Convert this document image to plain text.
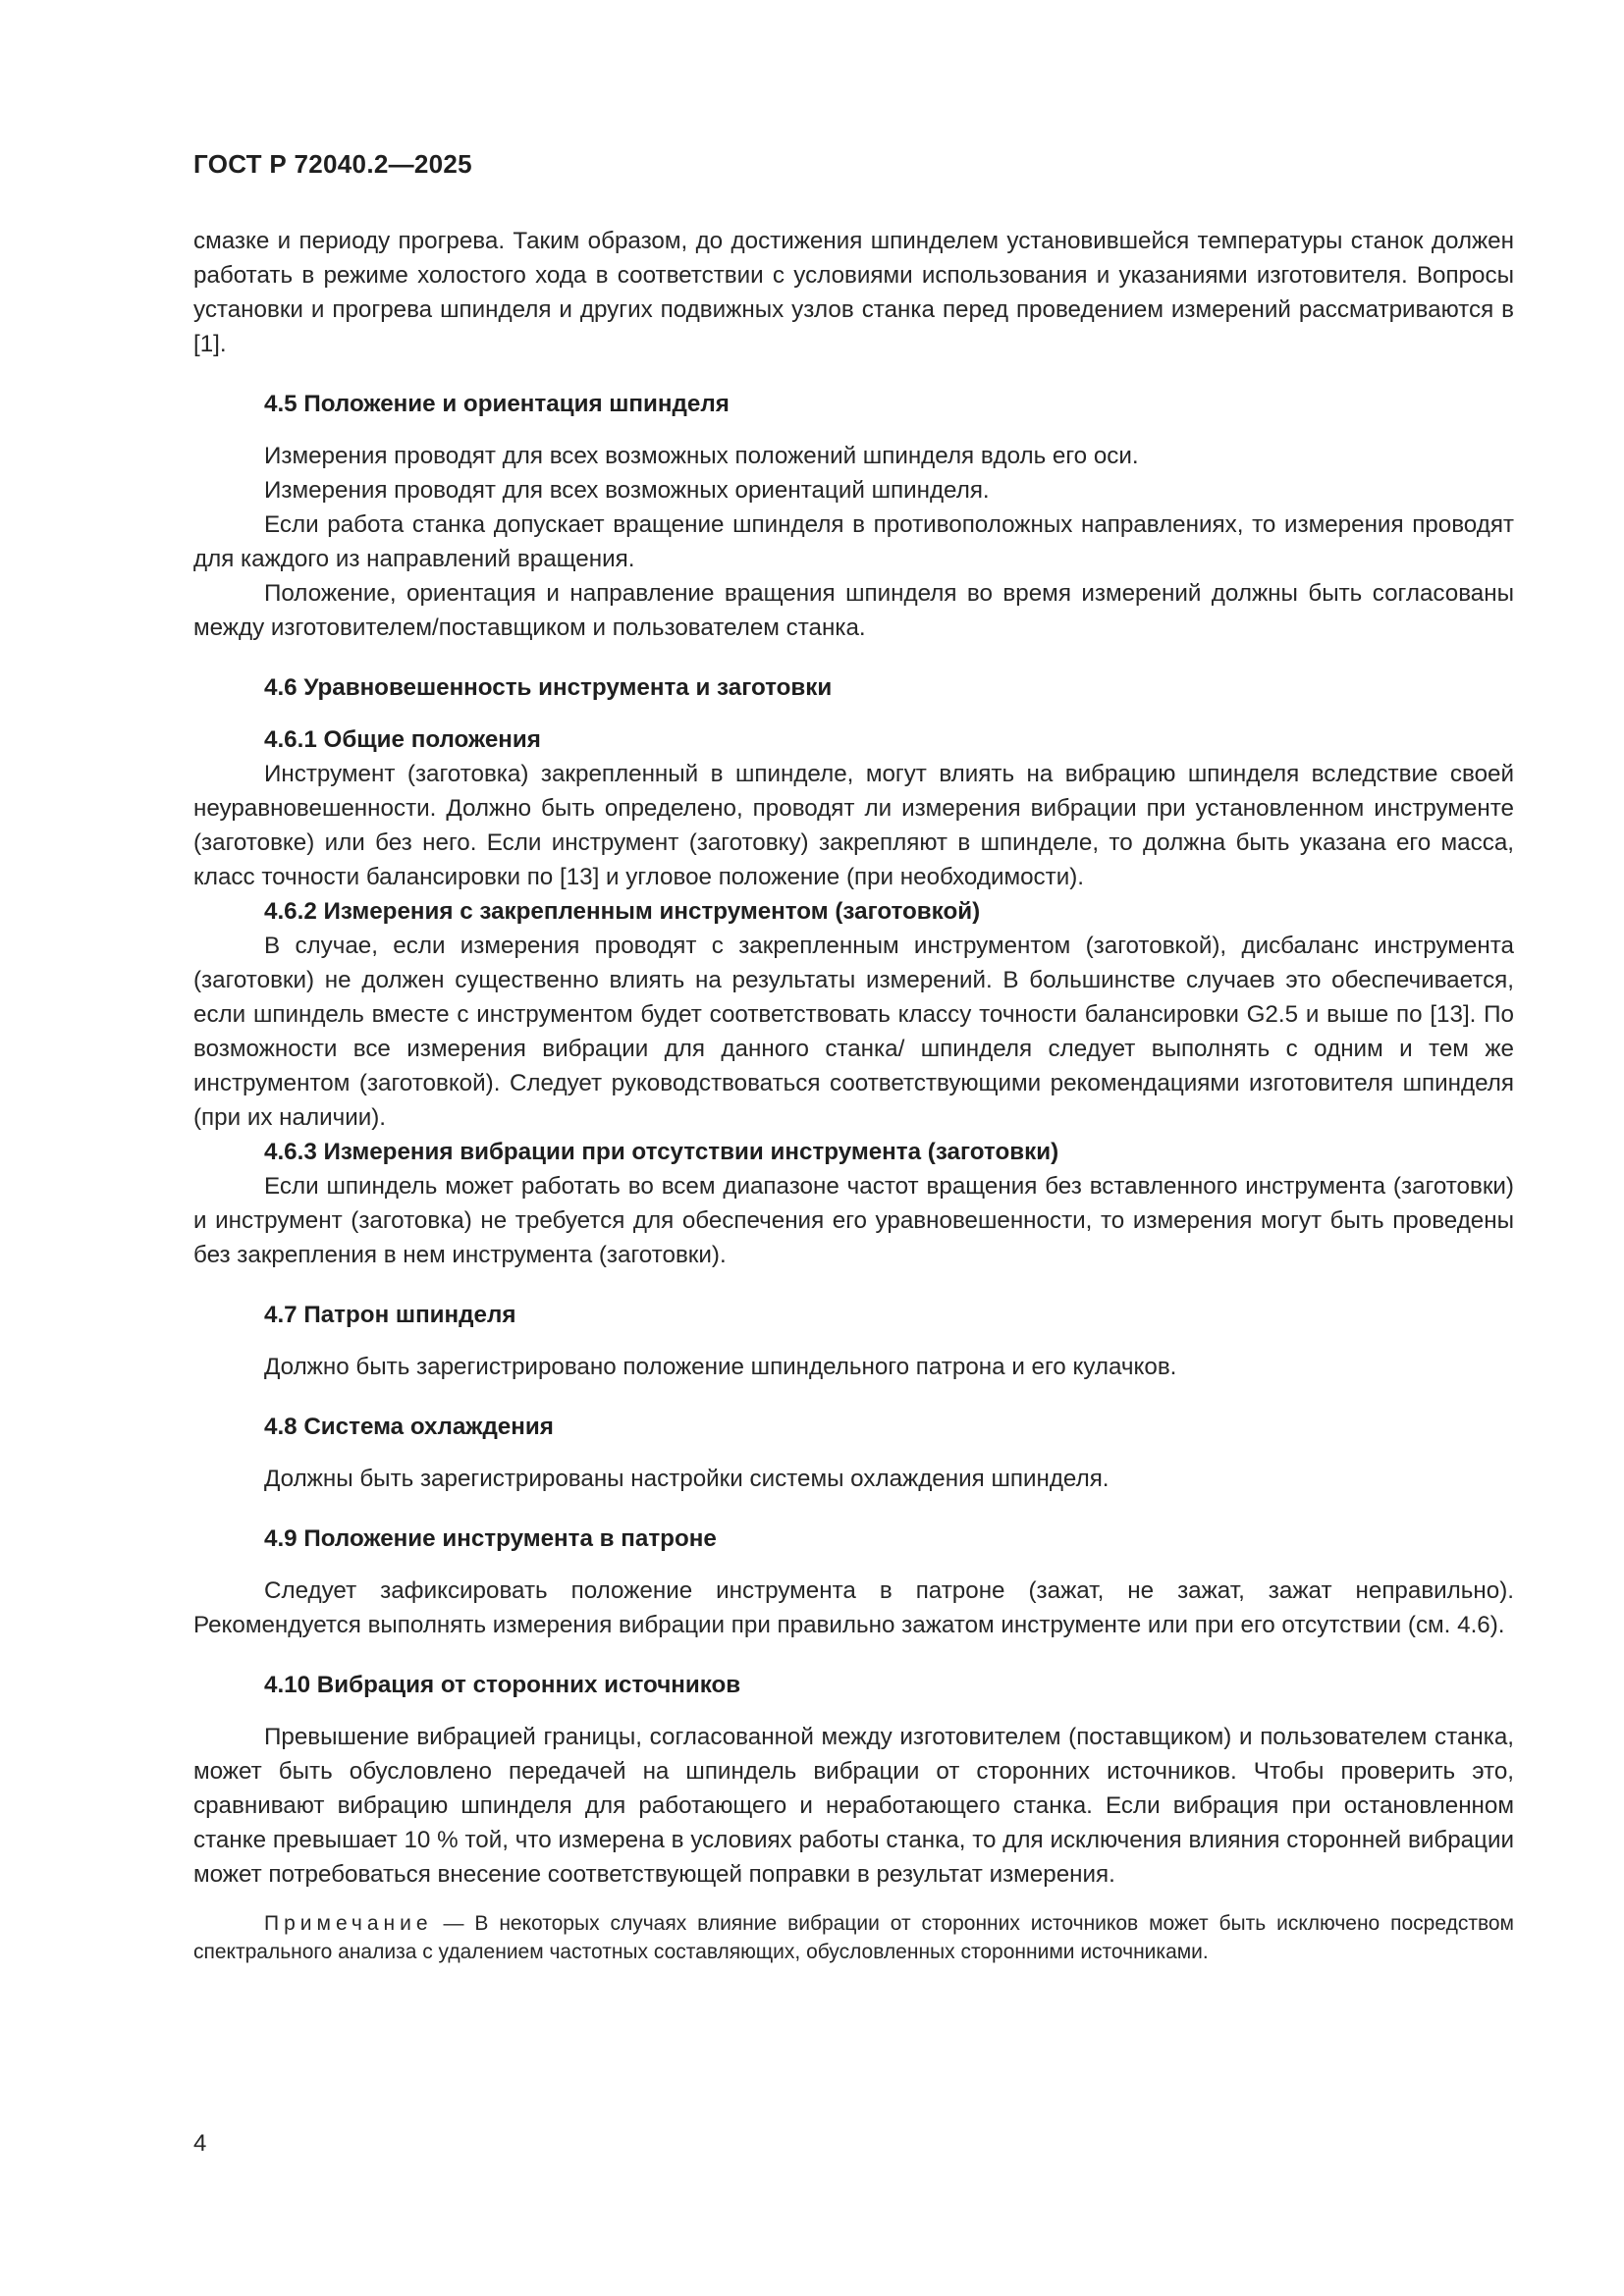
ГОСТ Р 72040.2—2025

смазке и периоду прогрева. Таким образом, до достижения шпинделем установившейся температуры станок должен работать в режиме холостого хода в соответствии с условиями использования и указаниями изготовителя. Вопросы установки и прогрева шпинделя и других подвижных узлов станка перед проведением измерений рассматриваются в [1].

4.5 Положение и ориентация шпинделя

Измерения проводят для всех возможных положений шпинделя вдоль его оси.

Измерения проводят для всех возможных ориентаций шпинделя.

Если работа станка допускает вращение шпинделя в противоположных направлениях, то измерения проводят для каждого из направлений вращения.

Положение, ориентация и направление вращения шпинделя во время измерений должны быть согласованы между изготовителем/поставщиком и пользователем станка.

4.6 Уравновешенность инструмента и заготовки
4.6.1 Общие положения

Инструмент (заготовка) закрепленный в шпинделе, могут влиять на вибрацию шпинделя вследствие своей неуравновешенности. Должно быть определено, проводят ли измерения вибрации при установленном инструменте (заготовке) или без него. Если инструмент (заготовку) закрепляют в шпинделе, то должна быть указана его масса, класс точности балансировки по [13] и угловое положение (при необходимости).

4.6.2 Измерения с закрепленным инструментом (заготовкой)

В случае, если измерения проводят с закрепленным инструментом (заготовкой), дисбаланс инструмента (заготовки) не должен существенно влиять на результаты измерений. В большинстве случаев это обеспечивается, если шпиндель вместе с инструментом будет соответствовать классу точности балансировки G2.5 и выше по [13]. По возможности все измерения вибрации для данного станка/ шпинделя следует выполнять с одним и тем же инструментом (заготовкой). Следует руководствоваться соответствующими рекомендациями изготовителя шпинделя (при их наличии).

4.6.3 Измерения вибрации при отсутствии инструмента (заготовки)

Если шпиндель может работать во всем диапазоне частот вращения без вставленного инструмента (заготовки) и инструмент (заготовка) не требуется для обеспечения его уравновешенности, то измерения могут быть проведены без закрепления в нем инструмента (заготовки).

4.7 Патрон шпинделя

Должно быть зарегистрировано положение шпиндельного патрона и его кулачков.

4.8 Система охлаждения

Должны быть зарегистрированы настройки системы охлаждения шпинделя.

4.9 Положение инструмента в патроне

Следует зафиксировать положение инструмента в патроне (зажат, не зажат, зажат неправильно). Рекомендуется выполнять измерения вибрации при правильно зажатом инструменте или при его отсутствии (см. 4.6).

4.10 Вибрация от сторонних источников

Превышение вибрацией границы, согласованной между изготовителем (поставщиком) и пользователем станка, может быть обусловлено передачей на шпиндель вибрации от сторонних источников. Чтобы проверить это, сравнивают вибрацию шпинделя для работающего и неработающего станка. Если вибрация при остановленном станке превышает 10 % той, что измерена в условиях работы станка, то для исключения влияния сторонней вибрации может потребоваться внесение соответствующей поправки в результат измерения.

Примечание — В некоторых случаях влияние вибрации от сторонних источников может быть исключено посредством спектрального анализа с удалением частотных составляющих, обусловленных сторонними источниками.

4
